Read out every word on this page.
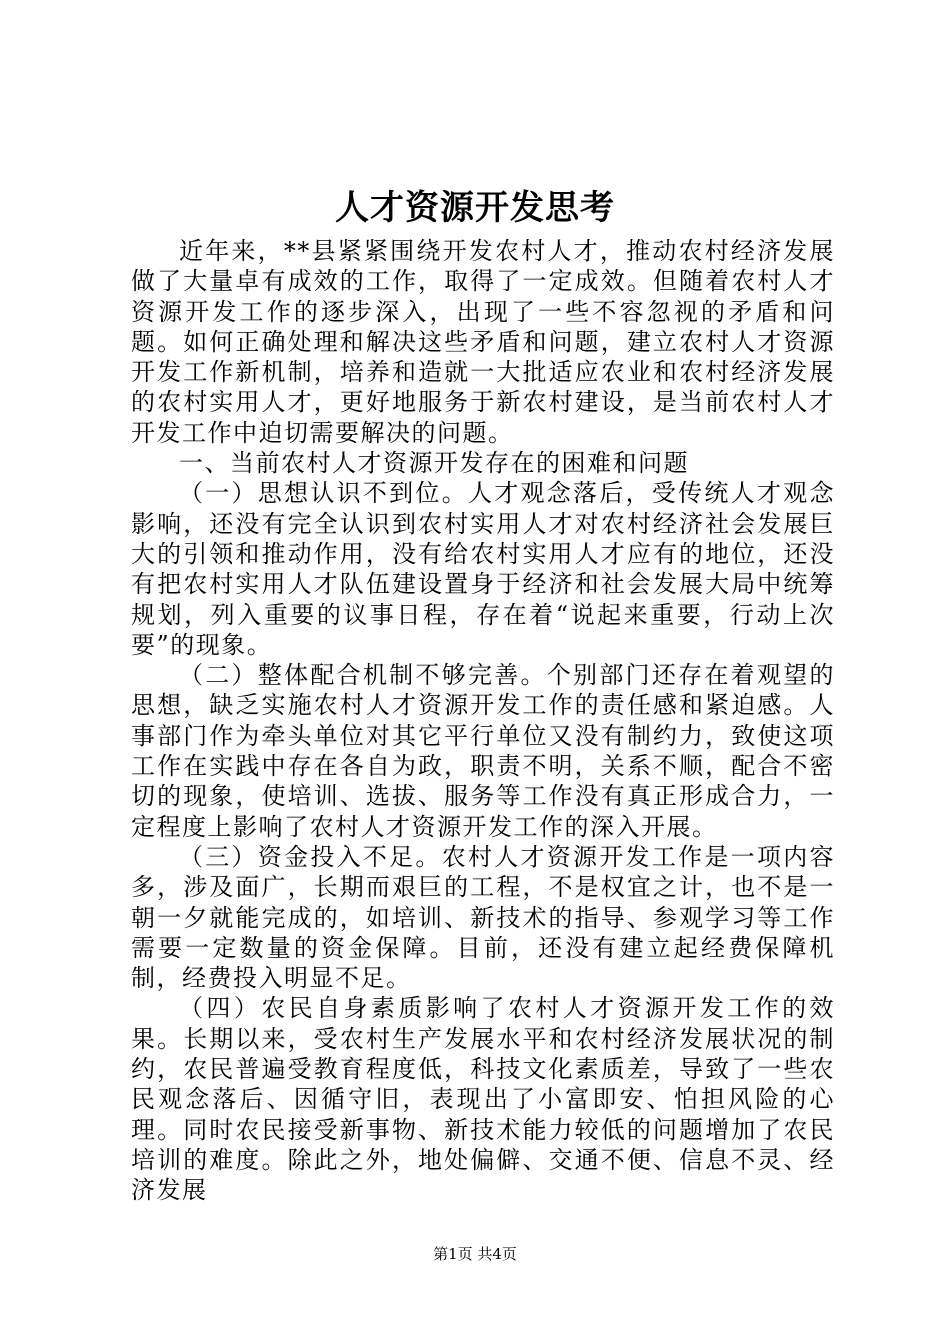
人才资源开发思考

近年来，**县紧紧围绕开发农村人才，推动农村经济发展做了大量卓有成效的工作，取得了一定成效。但随着农村人才资源开发工作的逐步深入，出现了一些不容忽视的矛盾和问题。如何正确处理和解决这些矛盾和问题，建立农村人才资源开发工作新机制，培养和造就一大批适应农业和农村经济发展的农村实用人才，更好地服务于新农村建设，是当前农村人才开发工作中迫切需要解决的问题。

一、当前农村人才资源开发存在的困难和问题

（一）思想认识不到位。人才观念落后，受传统人才观念影响，还没有完全认识到农村实用人才对农村经济社会发展巨大的引领和推动作用，没有给农村实用人才应有的地位，还没有把农村实用人才队伍建设置身于经济和社会发展大局中统筹规划，列入重要的议事日程，存在着“说起来重要，行动上次要”的现象。

（二）整体配合机制不够完善。个别部门还存在着观望的思想，缺乏实施农村人才资源开发工作的责任感和紧迫感。人事部门作为牵头单位对其它平行单位又没有制约力，致使这项工作在实践中存在各自为政，职责不明，关系不顺，配合不密切的现象，使培训、选拔、服务等工作没有真正形成合力，一定程度上影响了农村人才资源开发工作的深入开展。

（三）资金投入不足。农村人才资源开发工作是一项内容多，涉及面广，长期而艰巨的工程，不是权宜之计，也不是一朝一夕就能完成的，如培训、新技术的指导、参观学习等工作需要一定数量的资金保障。目前，还没有建立起经费保障机制，经费投入明显不足。

（四）农民自身素质影响了农村人才资源开发工作的效果。长期以来，受农村生产发展水平和农村经济发展状况的制约，农民普遍受教育程度低，科技文化素质差，导致了一些农民观念落后、因循守旧，表现出了小富即安、怕担风险的心理。同时农民接受新事物、新技术能力较低的问题增加了农民培训的难度。除此之外，地处偏僻、交通不便、信息不灵、经济发展

第1页 共4页
